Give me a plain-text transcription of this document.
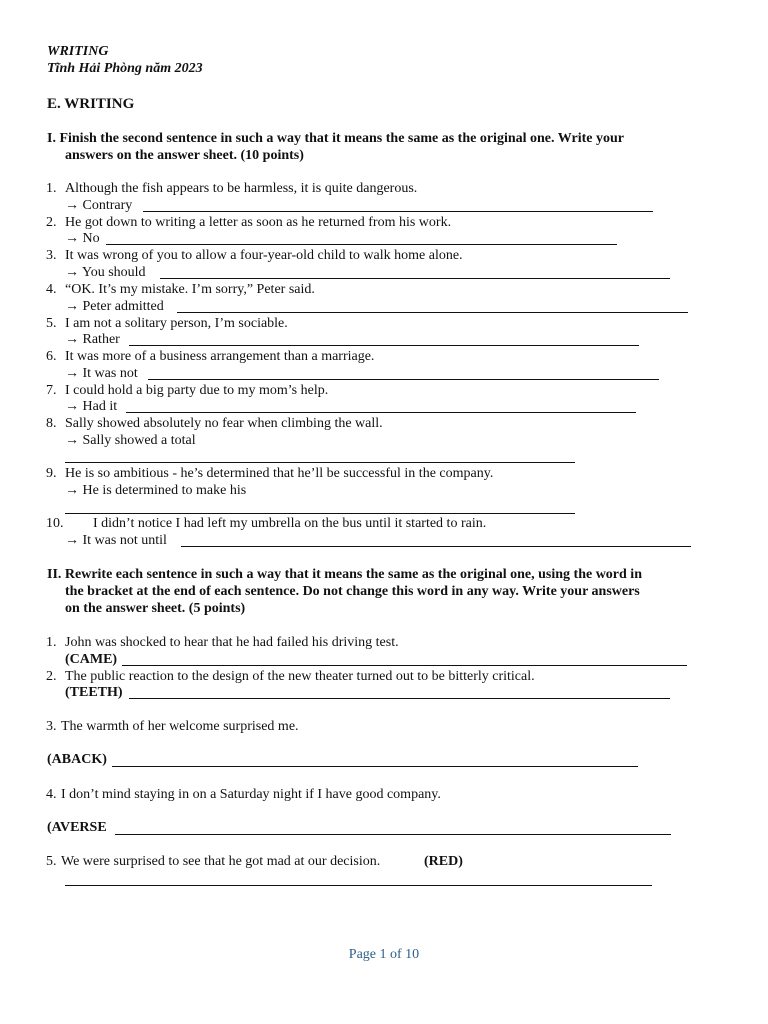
WRITING
Tĩnh Hải Phòng năm 2023
E. WRITING
I. Finish the second sentence in such a way that it means the same as the original one. Write your
answers on the answer sheet. (10 points)
1. Although the fish appears to be harmless, it is quite dangerous.
→ Contrary
2. He got down to writing a letter as soon as he returned from his work.
→ No
3. It was wrong of you to allow a four-year-old child to walk home alone.
→ You should
4. “OK. It’s my mistake. I’m sorry,” Peter said.
→ Peter admitted
5. I am not a solitary person, I’m sociable.
→ Rather
6. It was more of a business arrangement than a marriage.
→ It was not
7. I could hold a big party due to my mom’s help.
→ Had it
8. Sally showed absolutely no fear when climbing the wall.
→ Sally showed a total
9. He is so ambitious - he’s determined that he’ll be successful in the company.
→ He is determined to make his
10. I didn’t notice I had left my umbrella on the bus until it started to rain.
→ It was not until
II. Rewrite each sentence in such a way that it means the same as the original one, using the word in
the bracket at the end of each sentence. Do not change this word in any way. Write your answers
on the answer sheet. (5 points)
1. John was shocked to hear that he had failed his driving test.
(CAME)
2. The public reaction to the design of the new theater turned out to be bitterly critical.
(TEETH)
3. The warmth of her welcome surprised me.
(ABACK)
4. I don’t mind staying in on a Saturday night if I have good company.
(AVERSE
5. We were surprised to see that he got mad at our decision.	(RED)
Page 1 of 10
